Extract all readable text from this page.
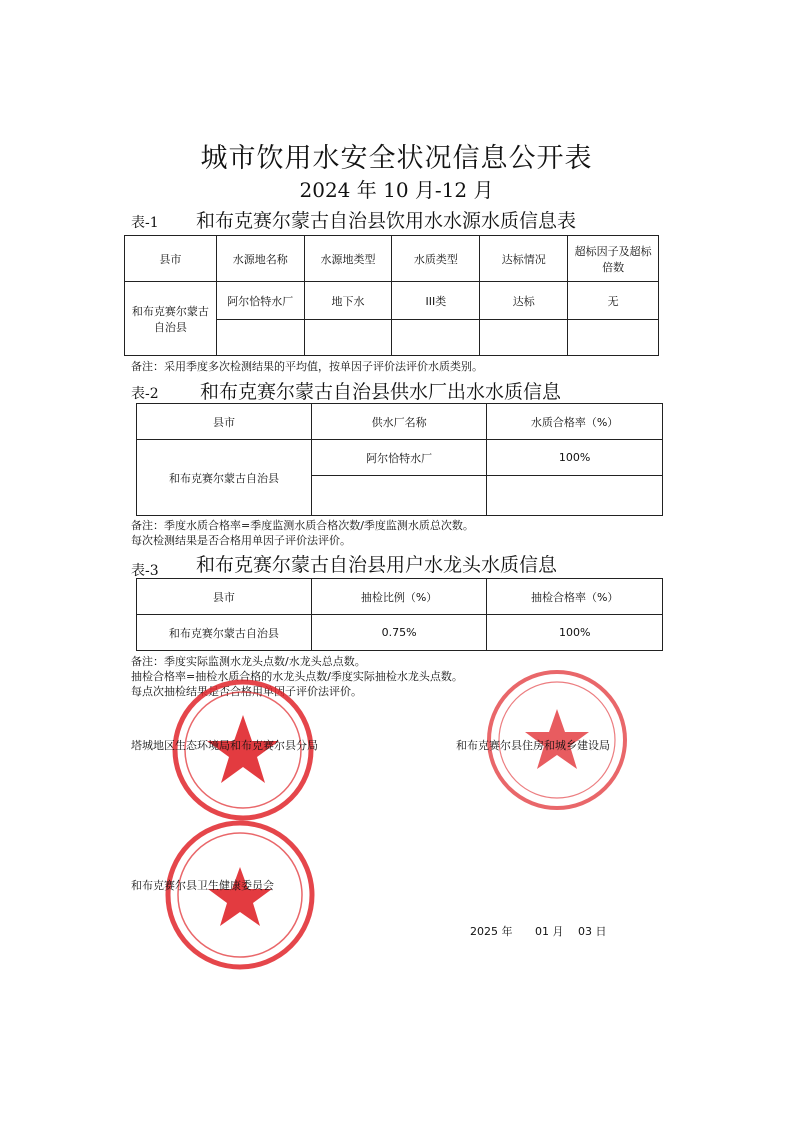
城市饮用水安全状况信息公开表
2024 年 10 月-12 月
表-1 和布克赛尔蒙古自治县饮用水水源水质信息表
县市	水源地名称	水源地类型	水质类型	达标情况	超标因子及超标倍数
和布克赛尔蒙古自治县	阿尔恰特水厂	地下水	III类	达标	无

备注：采用季度多次检测结果的平均值，按单因子评价法评价水质类别。
表-2 和布克赛尔蒙古自治县供水厂出水水质信息
县市	供水厂名称	水质合格率（%）
和布克赛尔蒙古自治县	阿尔恰特水厂	100%

备注：季度水质合格率=季度监测水质合格次数/季度监测水质总次数。
每次检测结果是否合格用单因子评价法评价。
表-3 和布克赛尔蒙古自治县用户水龙头水质信息
县市	抽检比例（%）	抽检合格率（%）
和布克赛尔蒙古自治县	0.75%	100%
备注：季度实际监测水龙头点数/水龙头总点数。
抽检合格率=抽检水质合格的水龙头点数/季度实际抽检水龙头点数。
每点次抽检结果是否合格用单因子评价法评价。
塔城地区生态环境局和布克赛尔县分局	和布克赛尔县住房和城乡建设局
和布克赛尔县卫生健康委员会
2025 年 01 月 03 日
